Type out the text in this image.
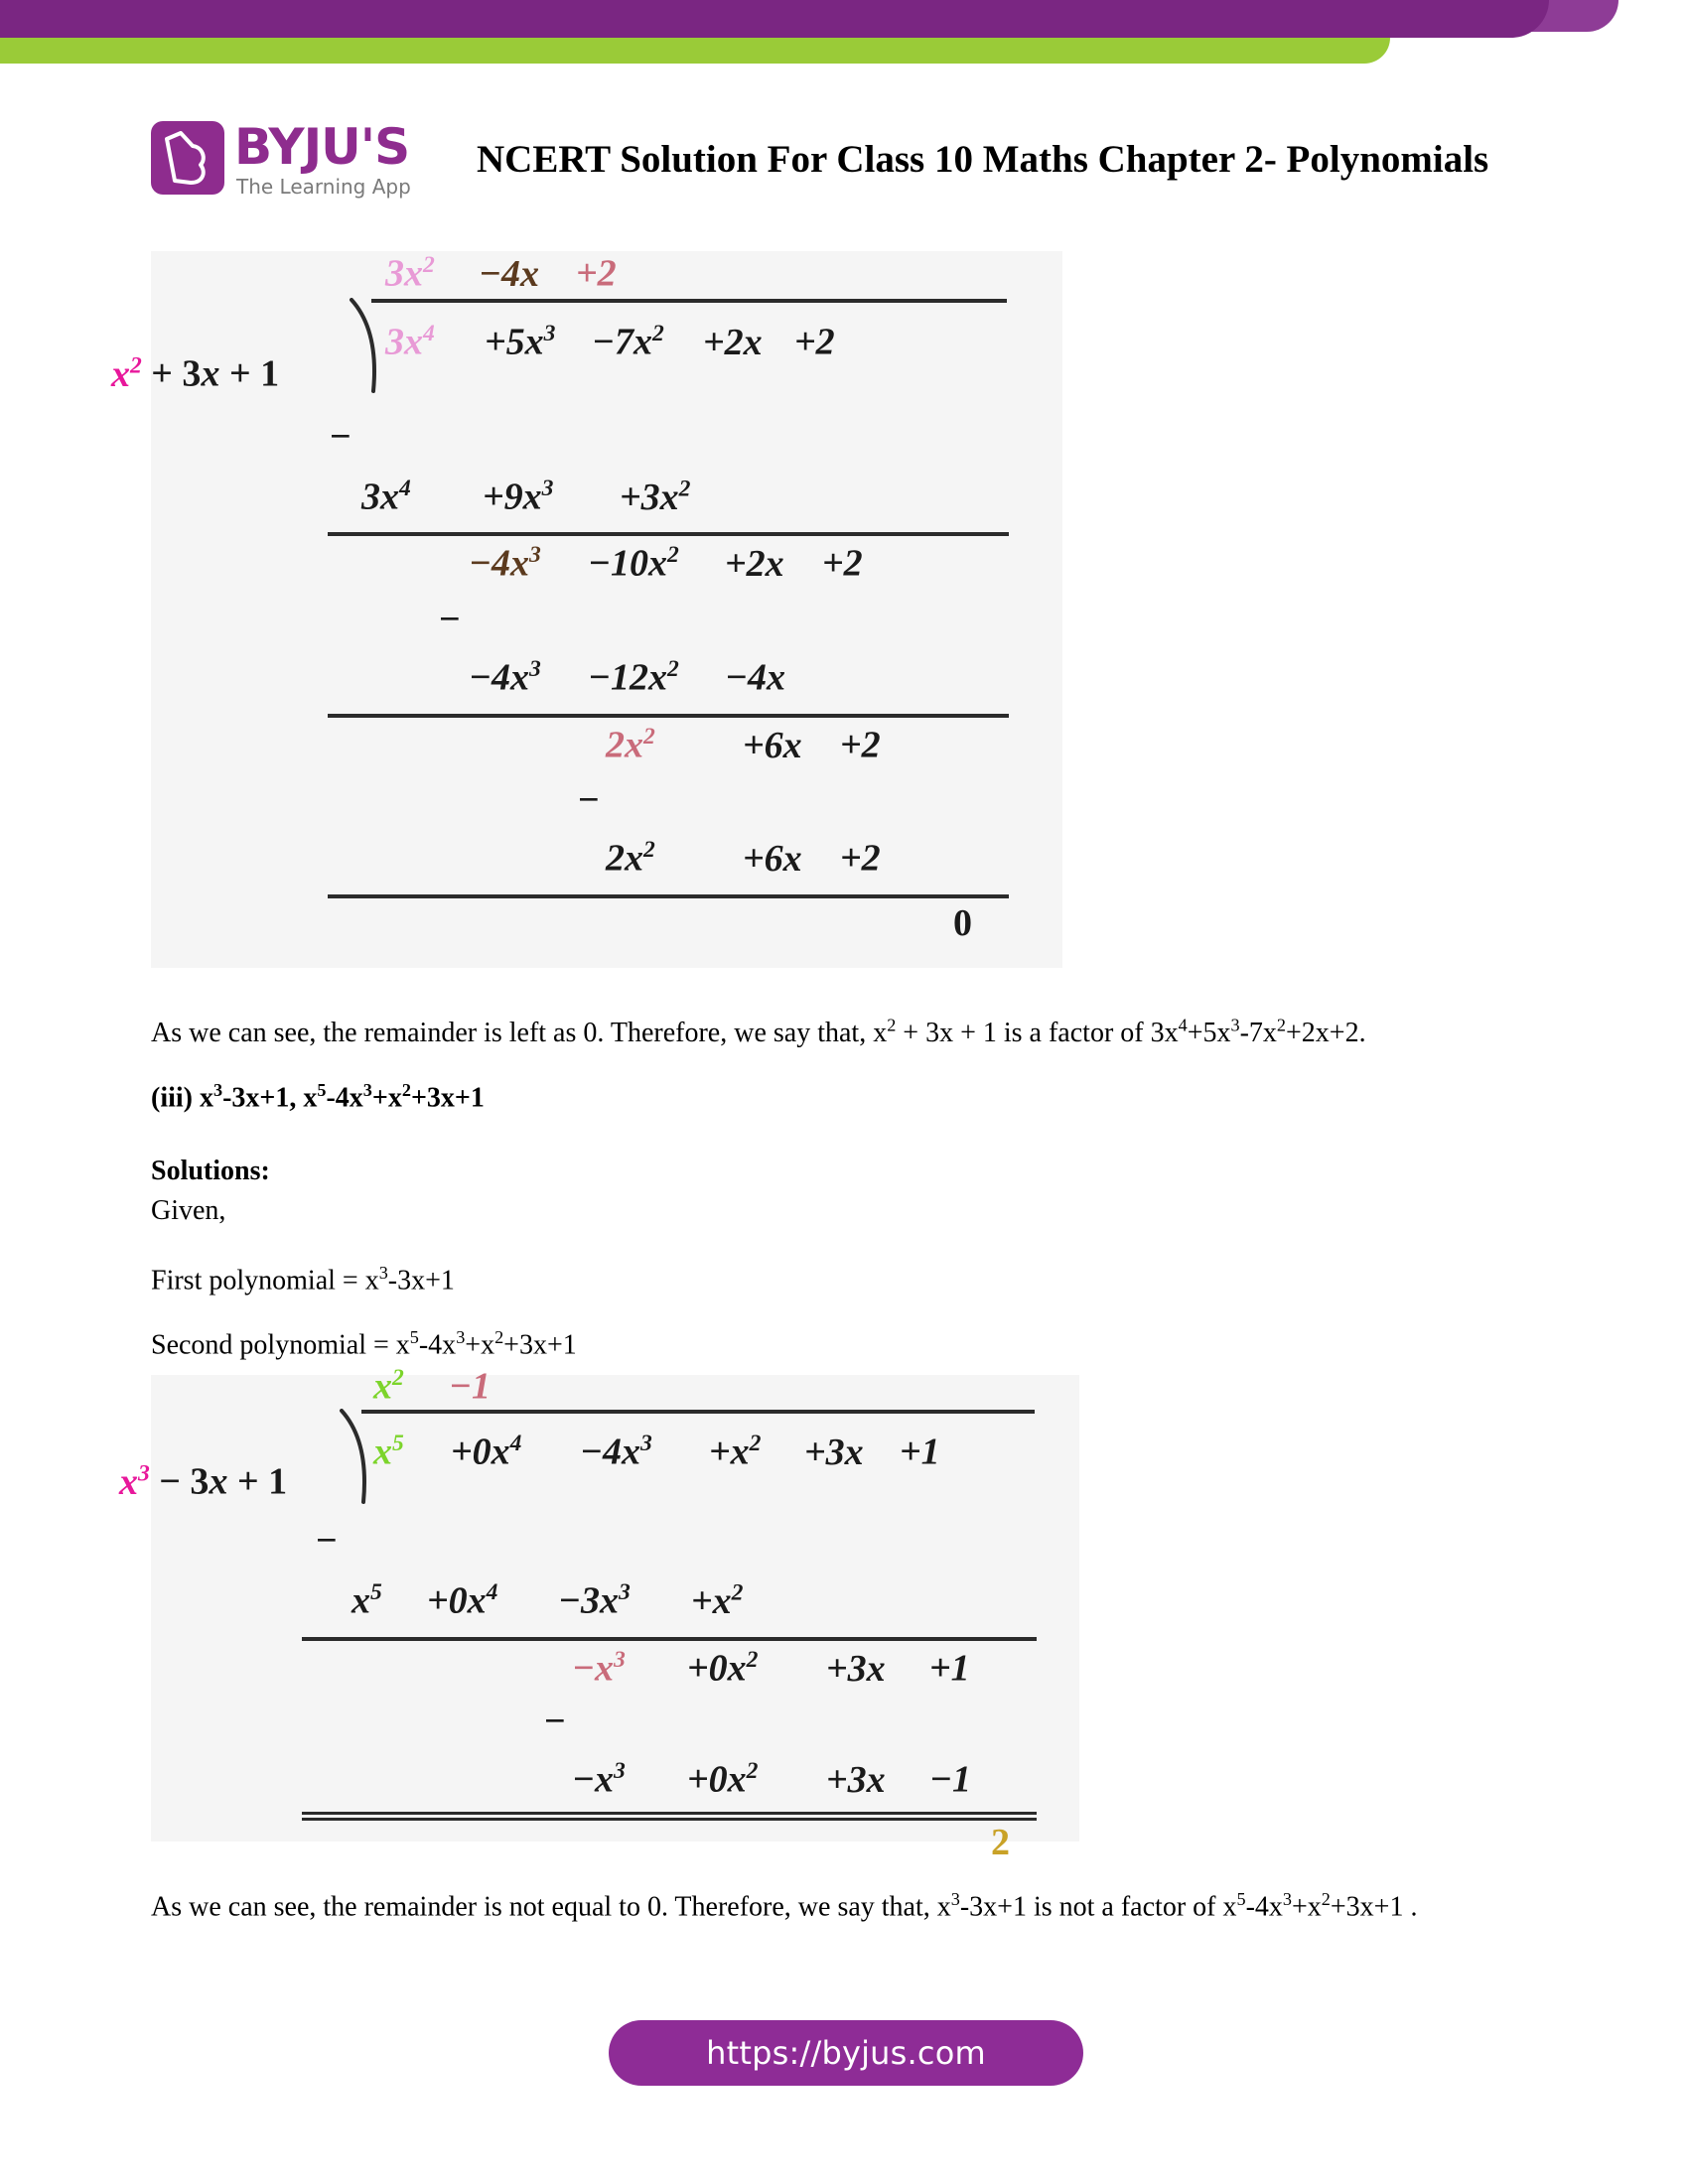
BYJU'S
The Learning App
NCERT Solution For Class 10 Maths Chapter 2- Polynomials
$x^2 + 3x + 1$
$3x^2 -4x +2$
$3x^4 +5x^3 -7x^2 +2x +2$
−
$3x^4 +9x^3 +3x^2$
$-4x^3 -10x^2 +2x +2$
−
$-4x^3 -12x^2 -4x$
$2x^2 +6x +2$
−
$2x^2 +6x +2$
0
As we can see, the remainder is left as 0. Therefore, we say that, $x^2 + 3x + 1$ is a factor of $3x^4+5x^3-7x^2+2x+2$.
(iii) $x^3-3x+1$, $x^5-4x^3+x^2+3x+1$
Solutions:
Given,
First polynomial = $x^3-3x+1$
Second polynomial = $x^5-4x^3+x^2+3x+1$
$x^3 - 3x + 1$
$x^2 -1$
$x^5 +0x^4 -4x^3 +x^2 +3x +1$
−
$x^5 +0x^4 -3x^3 +x^2$
$-x^3 +0x^2 +3x +1$
−
$-x^3 +0x^2 +3x -1$
2
As we can see, the remainder is not equal to 0. Therefore, we say that, $x^3-3x+1$ is not a factor of $x^5-4x^3+x^2+3x+1$ .
https://byjus.com
